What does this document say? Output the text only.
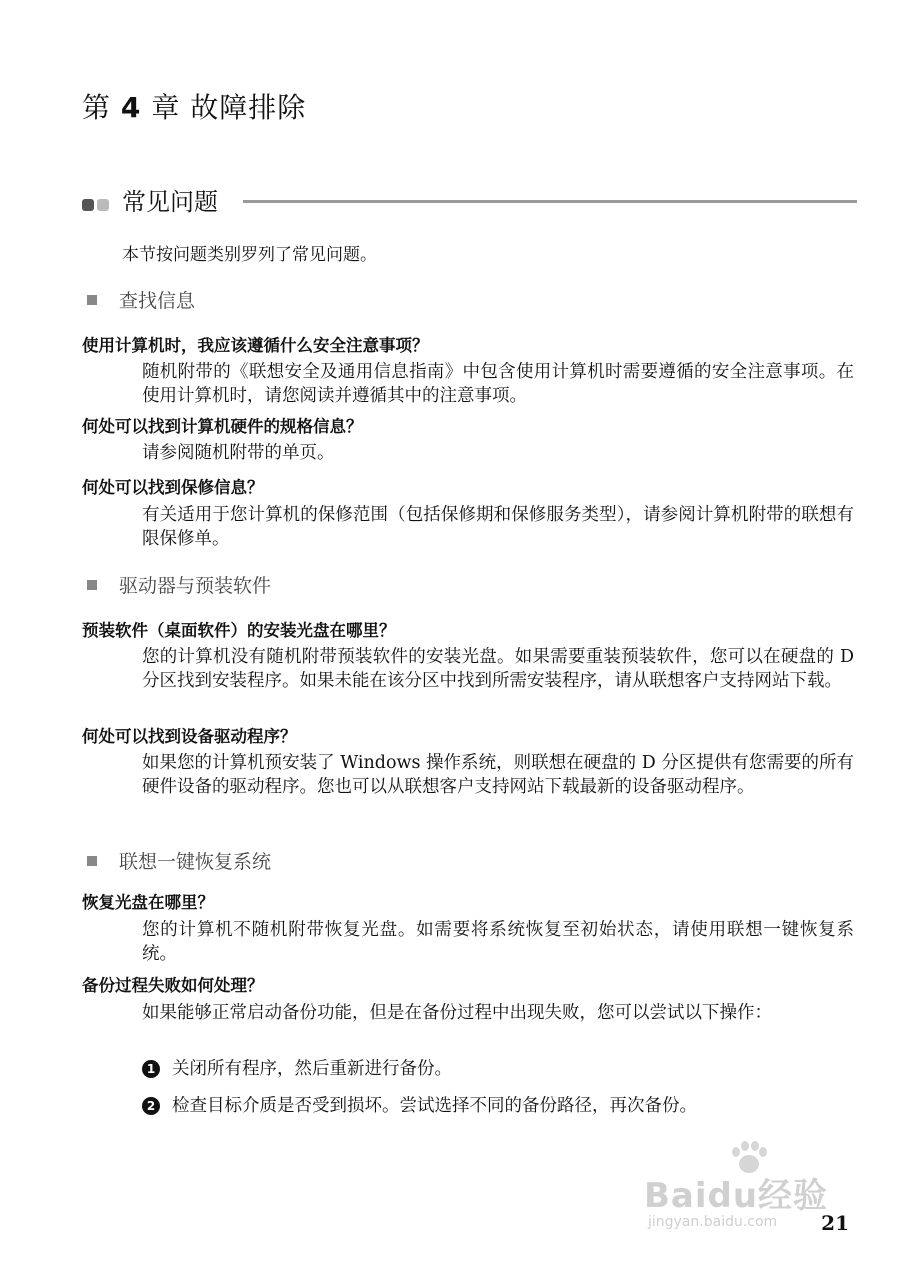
第 4 章 故障排除
常见问题
本节按问题类别罗列了常见问题。
查找信息
使用计算机时，我应该遵循什么安全注意事项？
随机附带的《联想安全及通用信息指南》中包含使用计算机时需要遵循的安全注意事项。在使用计算机时，请您阅读并遵循其中的注意事项。
何处可以找到计算机硬件的规格信息？
请参阅随机附带的单页。
何处可以找到保修信息？
有关适用于您计算机的保修范围（包括保修期和保修服务类型），请参阅计算机附带的联想有限保修单。
驱动器与预装软件
预装软件（桌面软件）的安装光盘在哪里？
您的计算机没有随机附带预装软件的安装光盘。如果需要重装预装软件，您可以在硬盘的 D 分区找到安装程序。如果未能在该分区中找到所需安装程序，请从联想客户支持网站下载。
何处可以找到设备驱动程序？
如果您的计算机预安装了 Windows 操作系统，则联想在硬盘的 D 分区提供有您需要的所有硬件设备的驱动程序。您也可以从联想客户支持网站下载最新的设备驱动程序。
联想一键恢复系统
恢复光盘在哪里？
您的计算机不随机附带恢复光盘。如需要将系统恢复至初始状态，请使用联想一键恢复系统。
备份过程失败如何处理？
如果能够正常启动备份功能，但是在备份过程中出现失败，您可以尝试以下操作：
1 关闭所有程序，然后重新进行备份。
2 检查目标介质是否受到损坏。尝试选择不同的备份路径，再次备份。
Baidu经验
jingyan.baidu.com 21
